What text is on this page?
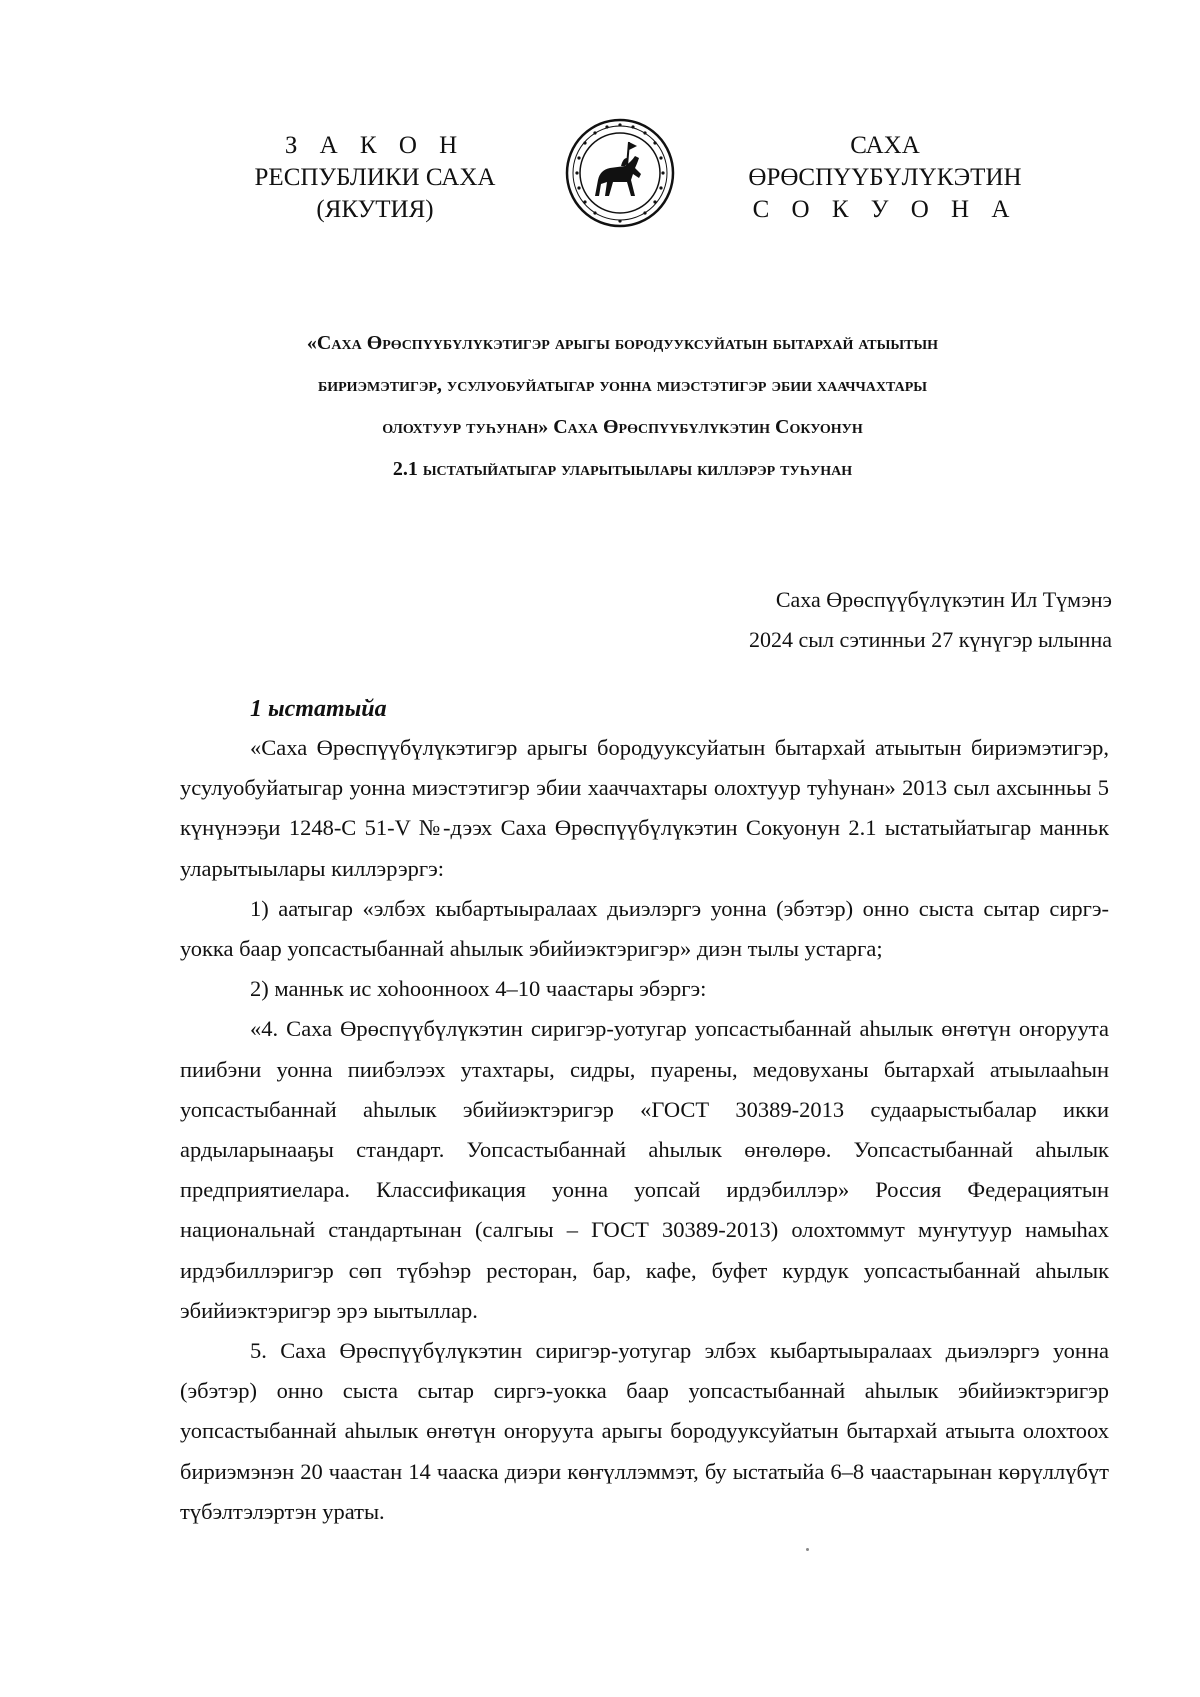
З А К О Н
РЕСПУБЛИКИ САХА (ЯКУТИЯ)
САХА ӨРӨСПҮҮБҮЛҮКЭТИН
С О К У О Н А
«Саха Өрөспүүбүлүкэтигэр арыгы бородууксуйатын бытархай атыытын
бириэмэтигэр, усулуобуйатыгар уонна миэстэтигэр эбии хааччахтары
олохтуур туһунан» Саха Өрөспүүбүлүкэтин Сокуонун
2.1 ыстатыйатыгар уларытыылары киллэрэр туһунан
Саха Өрөспүүбүлүкэтин Ил Түмэнэ
2024 сыл сэтинньи 27 күнүгэр ылынна
1 ыстатыйа

«Саха Өрөспүүбүлүкэтигэр арыгы бородууксуйатын бытархай атыытын бириэмэтигэр, усулуобуйатыгар уонна миэстэтигэр эбии хааччахтары олохтуур туһунан» 2013 сыл ахсынньы 5 күнүнээҕи 1248-С 51-V №-дээх Саха Өрөспүүбүлүкэтин Сокуонун 2.1 ыстатыйатыгар манньк уларытыылары киллэрэргэ:

1) аатыгар «элбэх кыбартыыралаах дьиэлэргэ уонна (эбэтэр) онно сыста сытар сиргэ-уокка баар уопсастыбаннай аһылык эбийиэктэригэр» диэн тылы устарга;

2) манньк ис хоһоонноох 4–10 чаастары эбэргэ:

«4. Саха Өрөспүүбүлүкэтин сиригэр-уотугар уопсастыбаннай аһылык өҥөтүн оҥоруута пиибэни уонна пиибэлээх утахтары, сидры, пуарены, медовуханы бытархай атыылааһын уопсастыбаннай аһылык эбийиэктэригэр «ГОСТ 30389-2013 судаарыстыбалар икки ардыларынааҕы стандарт. Уопсастыбаннай аһылык өҥөлөрө. Уопсастыбаннай аһылык предприятиелара. Классификация уонна уопсай ирдэбиллэр» Россия Федерациятын национальнай стандартынан (салгыы – ГОСТ 30389-2013) олохтоммут муҥутуур намыһах ирдэбиллэригэр сөп түбэһэр ресторан, бар, кафе, буфет курдук уопсастыбаннай аһылык эбийиэктэригэр эрэ ыытыллар.

5. Саха Өрөспүүбүлүкэтин сиригэр-уотугар элбэх кыбартыыралаах дьиэлэргэ уонна (эбэтэр) онно сыста сытар сиргэ-уокка баар уопсастыбаннай аһылык эбийиэктэригэр уопсастыбаннай аһылык өҥөтүн оҥоруута арыгы бородууксуйатын бытархай атыыта олохтоох бириэмэнэн 20 чаастан 14 чааска диэри көҥүллэммэт, бу ыстатыйа 6–8 чаастарынан көрүллүбүт түбэлтэлэртэн ураты.
